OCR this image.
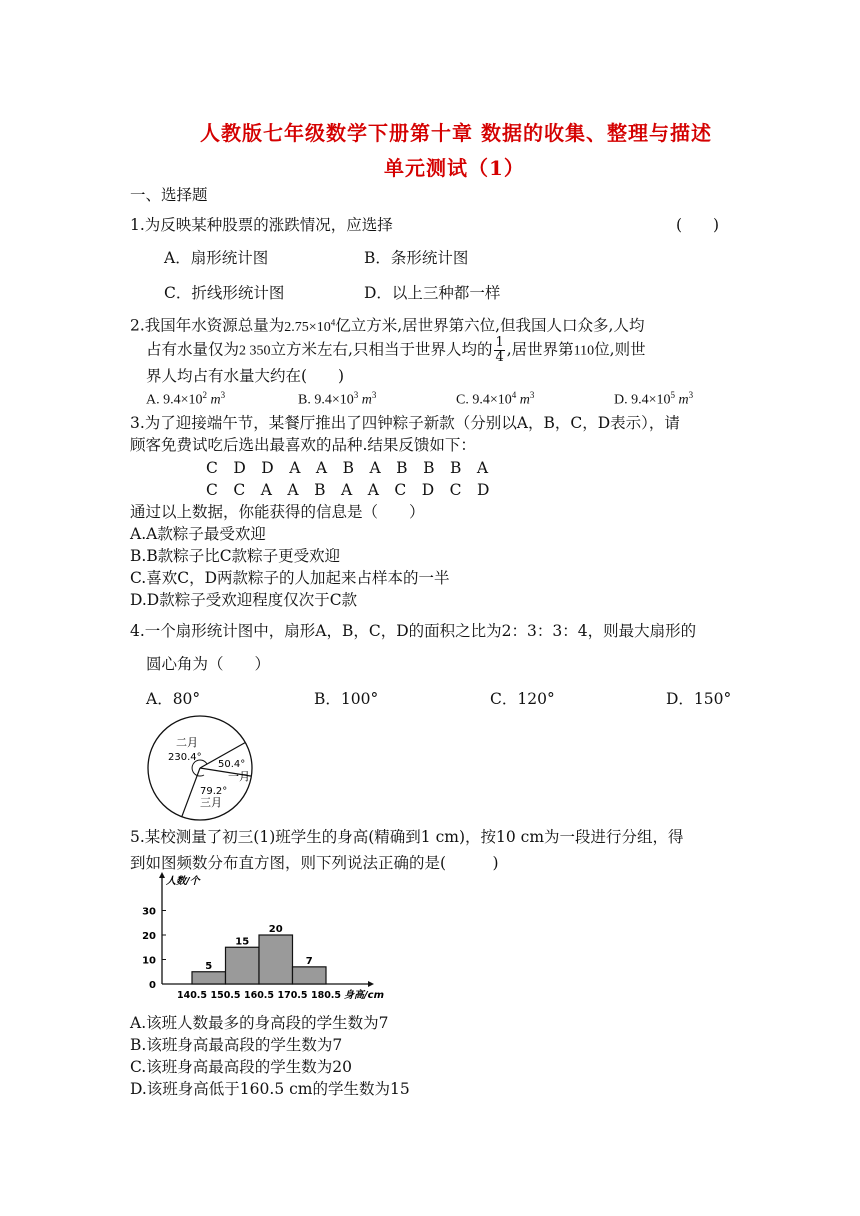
人教版七年级数学下册第十章 数据的收集、整理与描述
单元测试（1）
一、选择题
1.为反映某种股票的涨跌情况，应选择	(　　)
A．扇形统计图	B．条形统计图
C．折线形统计图	D．以上三种都一样
2.我国年水资源总量为$2.75\times 10^4$亿立方米,居世界第六位,但我国人口众多,人均
占有水量仅为2 350立方米左右,只相当于世界人均的 $\frac{1}{4}$ ,居世界第110位,则世
界人均占有水量大约在(　　)
A. $9.4\times 10^2$ $m^3$	B. $9.4\times 10^3$ $m^3$	C. $9.4\times 10^4$ $m^3$	D. $9.4\times 10^5$ $m^3$
3.为了迎接端午节，某餐厅推出了四钟粽子新款（分别以A，B，C，D表示），请
顾客免费试吃后选出最喜欢的品种.结果反馈如下：
C　D　D　A　A　B　A　B　B　B　A
C　C　A　A　B　A　A　C　D　C　D
通过以上数据，你能获得的信息是（　　）
A.A款粽子最受欢迎
B.B款粽子比C款粽子更受欢迎
C.喜欢C，D两款粽子的人加起来占样本的一半
D.D款粽子受欢迎程度仅次于C款
4.一个扇形统计图中，扇形A，B，C，D的面积之比为2：3：3：4，则最大扇形的
圆心角为（　　）
A．80°	B．100°	C．120°	D．150°
二月
230.4°
50.4°
一月
79.2°
三月
5.某校测量了初三(1)班学生的身高(精确到1 cm)，按10 cm为一段进行分组，得
到如图频数分布直方图，则下列说法正确的是(　　　)
人数/个
身高/cm
0
10
20
30
5
15
20
7
140.5 150.5 160.5 170.5 180.5
A.该班人数最多的身高段的学生数为7
B.该班身高最高段的学生数为7
C.该班身高最高段的学生数为20
D.该班身高低于160.5 cm的学生数为15
